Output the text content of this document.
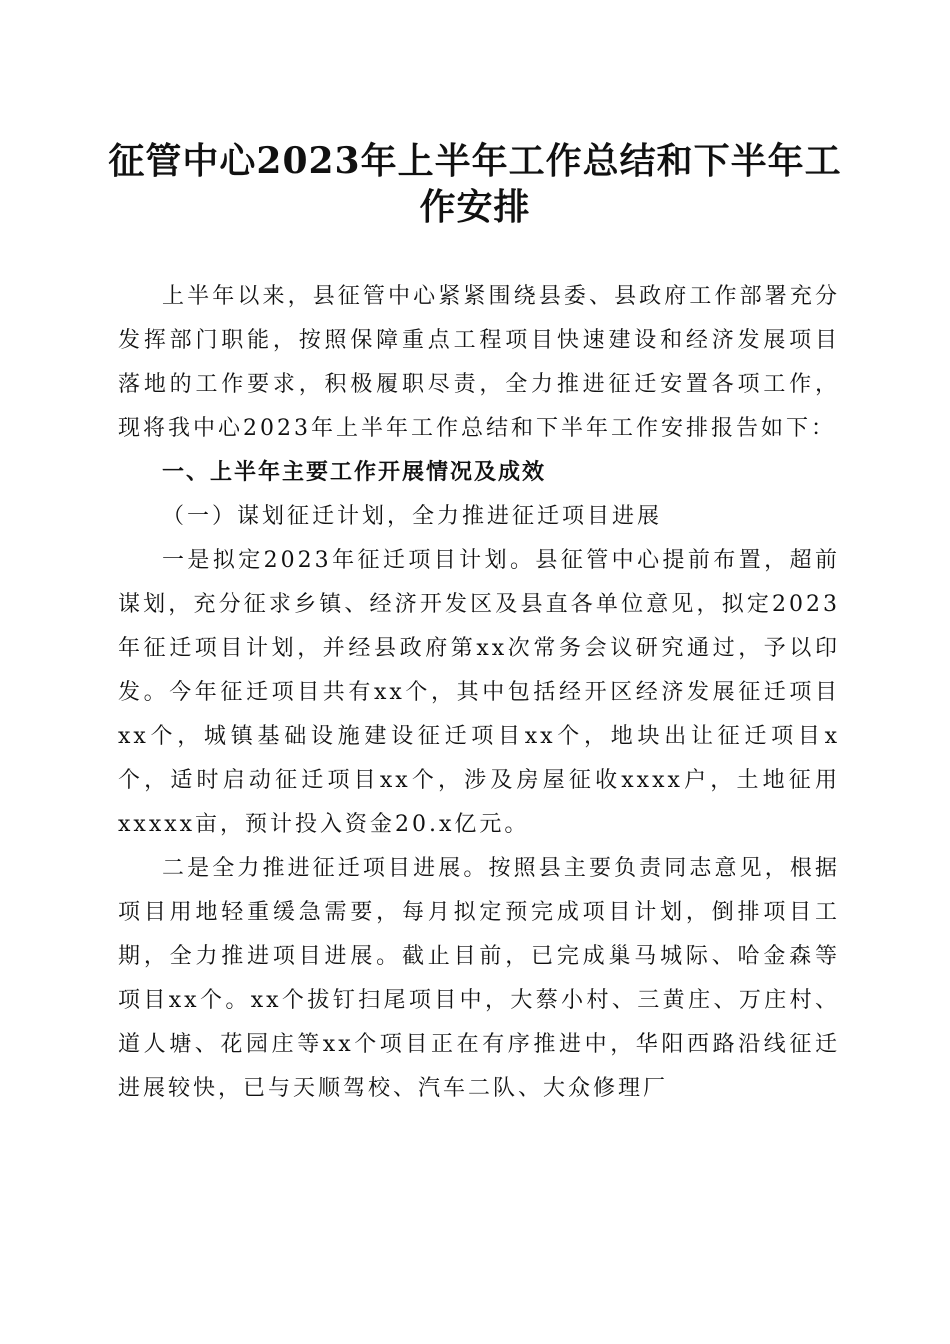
征管中心2023年上半年工作总结和下半年工作安排

上半年以来，县征管中心紧紧围绕县委、县政府工作部署充分发挥部门职能，按照保障重点工程项目快速建设和经济发展项目落地的工作要求，积极履职尽责，全力推进征迁安置各项工作，现将我中心2023年上半年工作总结和下半年工作安排报告如下：

一、上半年主要工作开展情况及成效

（一）谋划征迁计划，全力推进征迁项目进展

一是拟定2023年征迁项目计划。县征管中心提前布置，超前谋划，充分征求乡镇、经济开发区及县直各单位意见，拟定2023年征迁项目计划，并经县政府第xx次常务会议研究通过，予以印发。今年征迁项目共有xx个，其中包括经开区经济发展征迁项目xx个，城镇基础设施建设征迁项目xx个，地块出让征迁项目x个，适时启动征迁项目xx个，涉及房屋征收xxxx户，土地征用xxxxx亩，预计投入资金20.x亿元。

二是全力推进征迁项目进展。按照县主要负责同志意见，根据项目用地轻重缓急需要，每月拟定预完成项目计划，倒排项目工期，全力推进项目进展。截止目前，已完成巢马城际、哈金森等项目xx个。xx个拔钉扫尾项目中，大蔡小村、三黄庄、万庄村、道人塘、花园庄等xx个项目正在有序推进中，华阳西路沿线征迁进展较快，已与天顺驾校、汽车二队、大众修理厂
